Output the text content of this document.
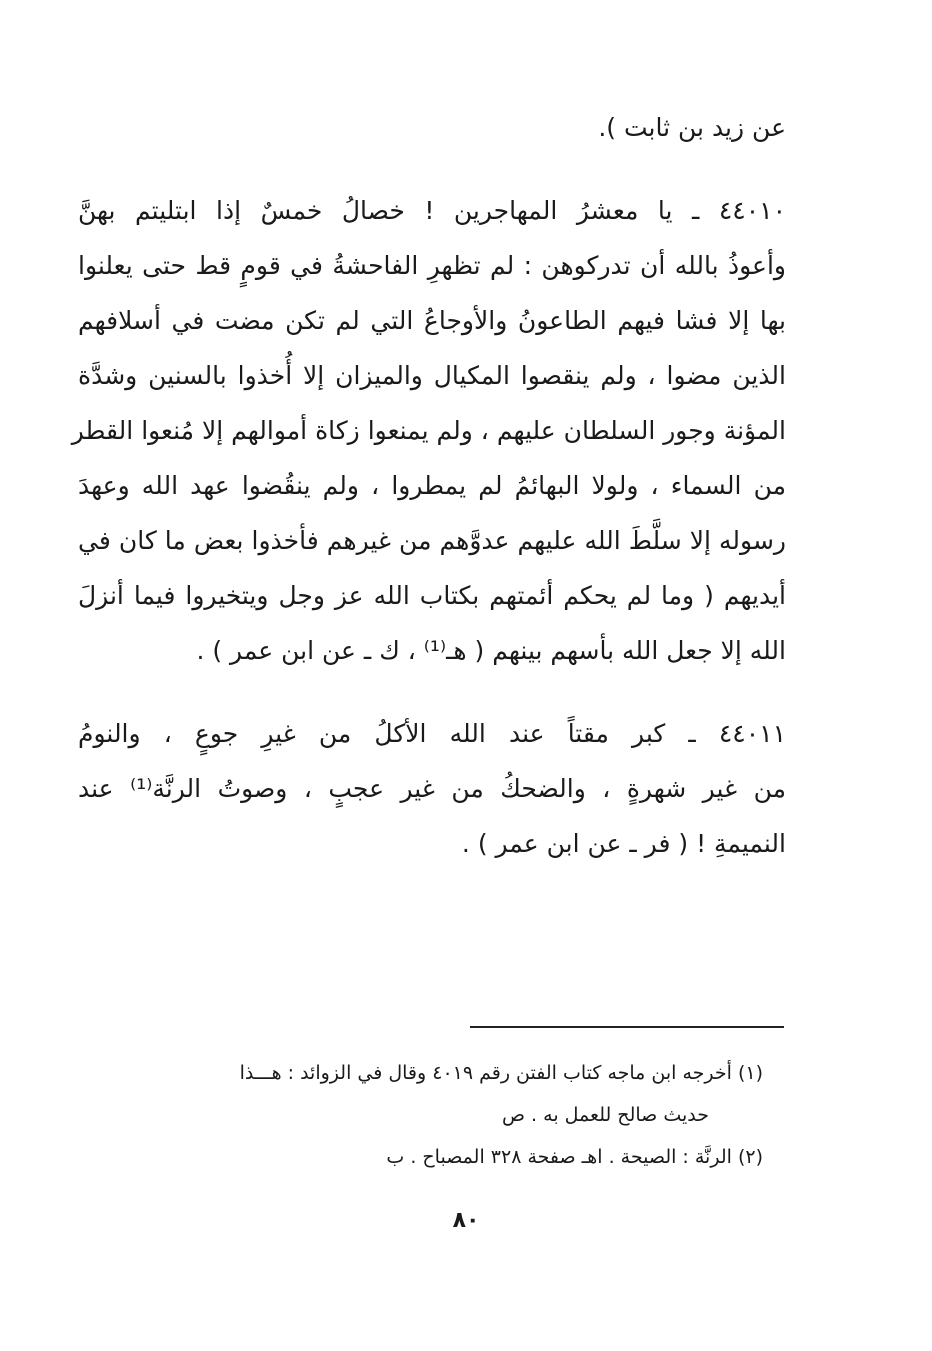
عن زيد بن ثابت ).
٤٤٠١٠ ـ يا معشرُ المهاجرين ! خصالُ خمسٌ إذا ابتليتم بهنَّ
وأعوذُ بالله أن تدركوهن : لم تظهرِ الفاحشةُ في قومٍ قط حتى يعلنوا
بها إلا فشا فيهم الطاعونُ والأوجاعُ التي لم تكن مضت في أسلافهم
الذين مضوا ، ولم ينقصوا المكيال والميزان إلا أُخذوا بالسنين وشدَّة
المؤنة وجور السلطان عليهم ، ولم يمنعوا زكاة أموالهم إلا مُنعوا القطر
من السماء ، ولولا البهائمُ لم يمطروا ، ولم ينقُضوا عهد الله وعهدَ
رسوله إلا سلَّطَ الله عليهم عدوَّهم من غيرهم فأخذوا بعض ما كان في
أيديهم ( وما لم يحكم أئمتهم بكتاب الله عز وجل ويتخيروا فيما أنزلَ
الله إلا جعل الله بأسهم بينهم ( هـ⁽¹⁾ ، ك ـ عن ابن عمر ) .
٤٤٠١١ ـ كبر مقتاً عند الله الأكلُ من غيرِ جوعٍ ، والنومُ
من غير شهرةٍ ، والضحكُ من غير عجبٍ ، وصوتُ الرنَّة⁽¹⁾ عند
النميمةِ ! ( فر ـ عن ابن عمر ) .
(١) أخرجه ابن ماجه كتاب الفتن رقم ٤٠١٩ وقال في الزوائد : هـــذا
حديث صالح للعمل به . ص
(٢) الرنَّة : الصيحة . اهـ صفحة ٣٢٨ المصباح . ب
٨٠
